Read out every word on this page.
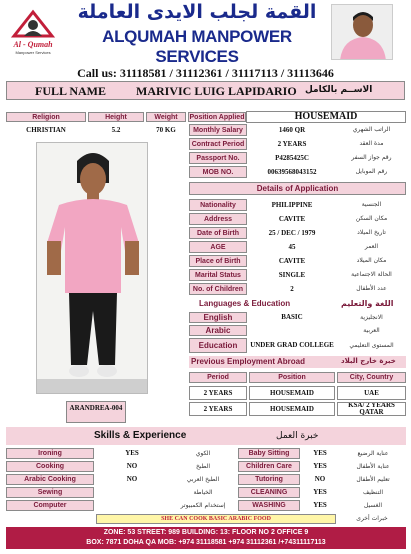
Al - Qumah
Manpower Services
القمة لجلب الايدى العاملة
ALQUMAH MANPOWER SERVICES
Call us: 31118581 / 31112361 / 31117113 / 31113646
FULL NAME MARIVIC LUIG LAPIDARIO الاســم بالكامل
Religion	Height	Weight	Position Applied	HOUSEMAID
CHRISTIAN	5.2	70 KG
ARANDREA-004
Monthly Salary	1460 QR	الراتب الشهري
Contract Period	2 YEARS	مدة العقد
Passport No.	P4285425C	رقم جواز السفر
MOB NO.	00639568043152	رقم الموبايل
Details of Application
Nationality	PHILIPPINE	الجنسية
Address	CAVITE	مكان السكن
Date of Birth	25 / DEC / 1979	تاريخ الميلاد
AGE	45	العمر
Place of Birth	CAVITE	مكان الميلاد
Marital Status	SINGLE	الحالة الاجتماعية
No. of Children	2	عدد الأطفال
Languages & Education	اللغة والتعليم
English	BASIC	الانجليزية
Arabic	العربية
Education	UNDER GRAD COLLEGE	المستوى التعليمي
Previous Employment Abroad	خبرة خارج البلاد
Period	Position	City, Country
2 YEARS	HOUSEMAID	UAE
2 YEARS	HOUSEMAID	KSA/ 2 YEARS QATAR
Skills & Experience	خبرة العمل
Ironing	YES	الكوي
Cooking	NO	الطبخ
Arabic Cooking	NO	الطبخ العربي
Sewing	الخياطة
Computer	إستخدام الكمبيوتر
Baby Sitting	YES	عناية الرضيع
Children Care	YES	عناية الأطفال
Tutoring	NO	تعليم الأطفال
CLEANING	YES	التنظيف
WASHING	YES	الغسيل
SHE CAN COOK BASIC ARABIC FOOD	خبرات أخرى
ZONE: 53 STREET: 989 BUILDING: 13: FLOOR NO 2 OFFICE 9
BOX: 7871 DOHA QA MOB: +974 31118581 +974 31112361 /+74311117113
